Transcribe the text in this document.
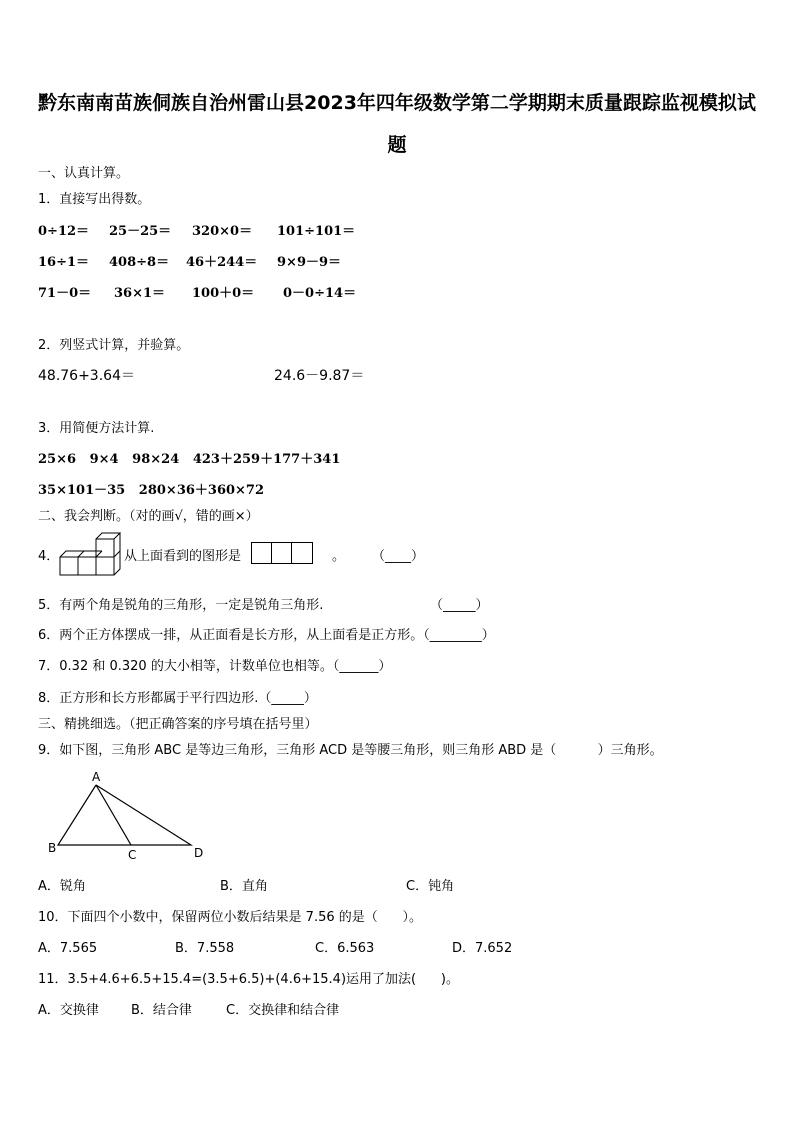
黔东南南苗族侗族自治州雷山县2023年四年级数学第二学期期末质量跟踪监视模拟试
题
一、认真计算。
1．直接写出得数。
0÷12＝ 25－25＝ 320×0＝ 101÷101＝
16÷1＝ 408÷8＝ 46＋244＝ 9×9－9＝
71－0＝ 36×1＝ 100＋0＝ 0－0÷14＝
2．列竖式计算，并验算。
48.76+3.64＝	24.6－9.87＝
3．用简便方法计算.
25×6   9×4   98×24   423＋259＋177＋341
35×101－35   280×36＋360×72
二、我会判断。（对的画√，错的画×）
4．	从上面看到的图形是	。 （____）
5．有两个角是锐角的三角形，一定是锐角三角形.	（_____）
6．两个正方体摆成一排，从正面看是长方形，从上面看是正方形。（________）
7．0.32 和 0.320 的大小相等，计数单位也相等。（______）
8．正方形和长方形都属于平行四边形.（_____）
三、精挑细选。（把正确答案的序号填在括号里）
9．如下图，三角形 ABC 是等边三角形，三角形 ACD 是等腰三角形，则三角形 ABD 是（          ）三角形。
A
B	C	D
A．锐角	B．直角	C．钝角
10．下面四个小数中，保留两位小数后结果是 7.56 的是（      ）。
A．7.565	B．7.558	C．6.563	D．7.652
11．3.5+4.6+6.5+15.4=(3.5+6.5)+(4.6+15.4)运用了加法(      )。
A．交换律 B．结合律	C．交换律和结合律
